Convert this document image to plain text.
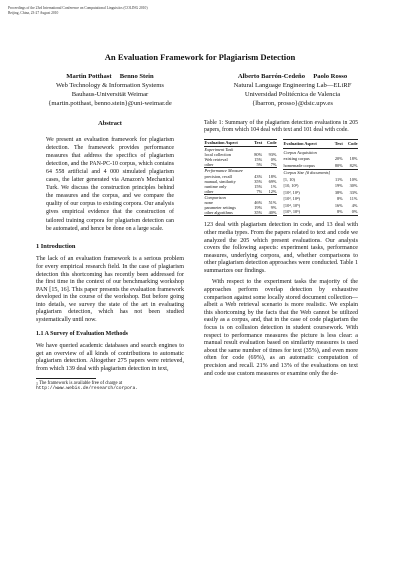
Proceedings of the 23rd International Conference on Computational Linguistics (COLING 2010)
Beijing, China, 23-27 August 2010
An Evaluation Framework for Plagiarism Detection
Martin Potthast Benno Stein
Web Technology & Information Systems
Bauhaus-Universität Weimar
{martin.potthast, benno.stein}@uni-weimar.de
Alberto Barrón-Cedeño Paolo Rosso
Natural Language Engineering Lab—ELiRF
Universidad Politécnica de Valencia
{lbarron, prosso}@dsic.upv.es
Abstract
We present an evaluation framework for plagiarism detection. The framework provides performance measures that address the specifics of plagiarism detection, and the PAN-PC-10 corpus, which contains 64 558 artificial and 4 000 simulated plagiarism cases, the latter generated via Amazon's Mechanical Turk. We discuss the construction principles behind the measures and the corpus, and we compare the quality of our corpus to existing corpora. Our analysis gives empirical evidence that the construction of tailored training corpora for plagiarism detection can be automated, and hence be done on a large scale.
1 Introduction

The lack of an evaluation framework is a serious problem for every empirical research field. In the case of plagiarism detection this shortcoming has recently been addressed for the first time in the context of our benchmarking workshop PAN [15, 16]. This paper presents the evaluation framework developed in the course of the workshop. But before going into details, we survey the state of the art in evaluating plagiarism detection, which has not been studied systematically until now.

1.1 A Survey of Evaluation Methods

We have queried academic databases and search engines to get an overview of all kinds of contributions to automatic plagiarism detection. Altogether 275 papers were retrieved, from which 139 deal with plagiarism detection in text,

1 The framework is available free of charge at
http://www.webis.de/research/corpora.
Table 1: Summary of the plagiarism detection evaluations in 205 papers, from which 104 deal with text and 101 deal with code.
Evaluation Aspect	Text	Code
Experiment Task		
local collection	80%	93%
Web retrieval	15%	0%
other	5%	7%
Performance Measure		
precision, recall	43%	18%
manual, similarity	35%	69%
runtime only	15%	1%
other	7%	12%
Comparison		
none	46%	51%
parameter settings	19%	9%
other algorithms	35%	40%
Evaluation Aspect	Text	Code
Corpus Acquisition		
existing corpus	20%	18%
homemade corpus	80%	82%
Corpus Size [# documents]		
[1, 10)	11%	10%
[10, 10²)	19%	30%
[10², 10³)	38%	33%
[10³, 10⁴)	8%	11%
[10⁴, 10⁵)	16%	4%
[10⁵, 10⁶)	8%	0%

123 deal with plagiarism detection in code, and 13 deal with other media types. From the papers related to text and code we analyzed the 205 which present evaluations. Our analysis covers the following aspects: experiment tasks, performance measures, underlying corpora, and, whether comparisons to other plagiarism detection approaches were conducted. Table 1 summarizes our findings.

With respect to the experiment tasks the majority of the approaches perform overlap detection by exhaustive comparison against some locally stored document collection—albeit a Web retrieval scenario is more realistic. We explain this shortcoming by the facts that the Web cannot be utilized easily as a corpus, and, that in the case of code plagiarism the focus is on collusion detection in student coursework. With respect to performance measures the picture is less clear: a manual result evaluation based on similarity measures is used about the same number of times for text (35%), and even more often for code (69%), as an automatic computation of precision and recall. 21% and 13% of the evaluations on text and code use custom measures or examine only the de-
